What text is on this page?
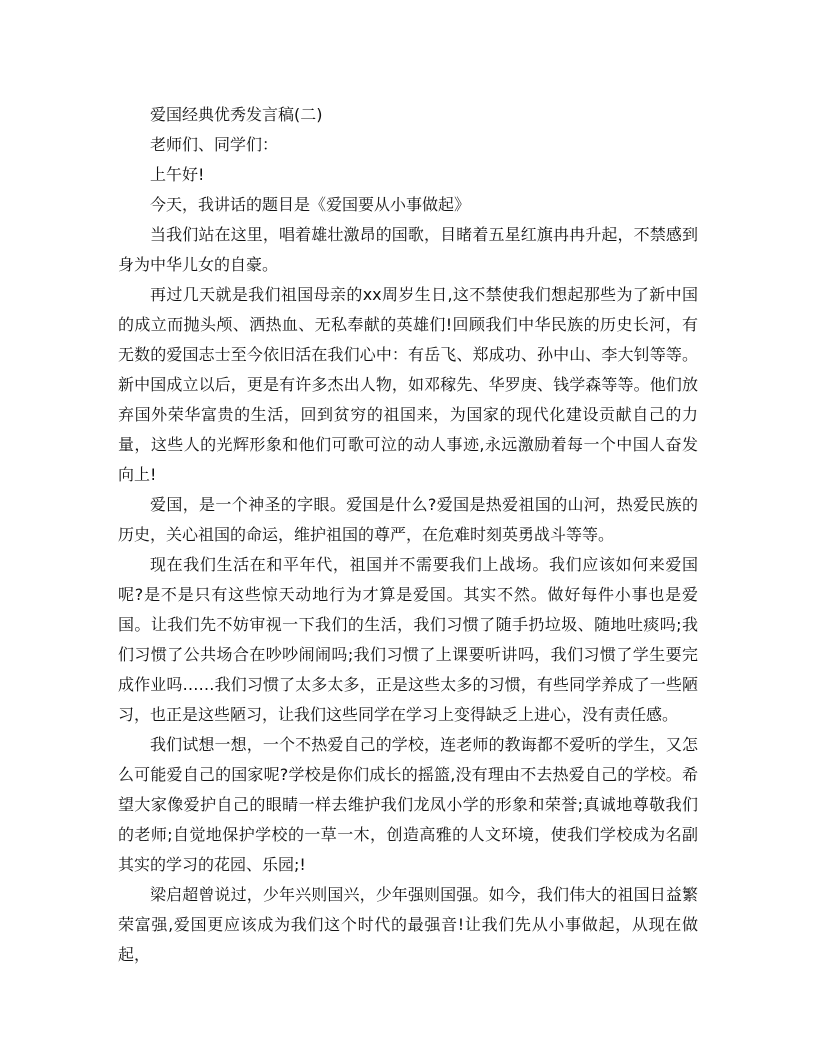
爱国经典优秀发言稿(二)

老师们、同学们：

上午好!

今天，我讲话的题目是《爱国要从小事做起》

当我们站在这里，唱着雄壮激昂的国歌，目睹着五星红旗冉冉升起，不禁感到身为中华儿女的自豪。

再过几天就是我们祖国母亲的xx周岁生日,这不禁使我们想起那些为了新中国的成立而抛头颅、洒热血、无私奉献的英雄们!回顾我们中华民族的历史长河，有无数的爱国志士至今依旧活在我们心中：有岳飞、郑成功、孙中山、李大钊等等。新中国成立以后，更是有许多杰出人物，如邓稼先、华罗庚、钱学森等等。他们放弃国外荣华富贵的生活，回到贫穷的祖国来，为国家的现代化建设贡献自己的力量，这些人的光辉形象和他们可歌可泣的动人事迹,永远激励着每一个中国人奋发向上!

爱国，是一个神圣的字眼。爱国是什么?爱国是热爱祖国的山河，热爱民族的历史，关心祖国的命运，维护祖国的尊严，在危难时刻英勇战斗等等。

现在我们生活在和平年代，祖国并不需要我们上战场。我们应该如何来爱国呢?是不是只有这些惊天动地行为才算是爱国。其实不然。做好每件小事也是爱国。让我们先不妨审视一下我们的生活，我们习惯了随手扔垃圾、随地吐痰吗;我们习惯了公共场合在吵吵闹闹吗;我们习惯了上课要听讲吗，我们习惯了学生要完成作业吗……我们习惯了太多太多，正是这些太多的习惯，有些同学养成了一些陋习，也正是这些陋习，让我们这些同学在学习上变得缺乏上进心，没有责任感。

我们试想一想，一个不热爱自己的学校，连老师的教诲都不爱听的学生，又怎么可能爱自己的国家呢?学校是你们成长的摇篮,没有理由不去热爱自己的学校。希望大家像爱护自己的眼睛一样去维护我们龙凤小学的形象和荣誉;真诚地尊敬我们的老师;自觉地保护学校的一草一木，创造高雅的人文环境，使我们学校成为名副其实的学习的花园、乐园;!

梁启超曾说过，少年兴则国兴，少年强则国强。如今，我们伟大的祖国日益繁荣富强,爱国更应该成为我们这个时代的最强音!让我们先从小事做起，从现在做起，
